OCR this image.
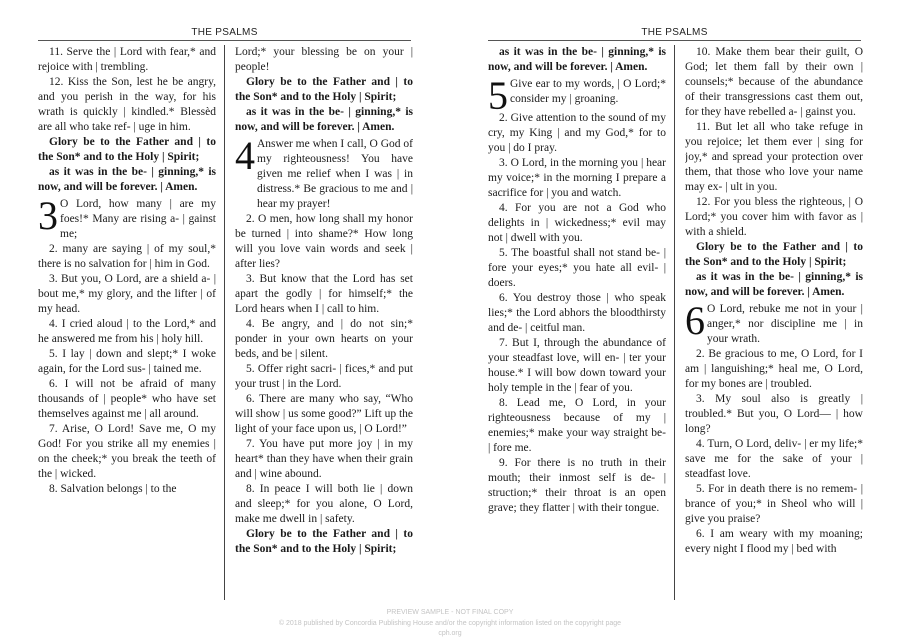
THE PSALMS

11. Serve the | Lord with fear,* and rejoice with | trembling.

12. Kiss the Son, lest he be angry, and you perish in the way, for his wrath is quickly | kindled.* Blessèd are all who take ref- | uge in him.

Glory be to the Father and | to the Son* and to the Holy | Spirit;

as it was in the be- | ginning,* is now, and will be forever. | Amen.

3 O Lord, how many | are my foes!* Many are rising a- | gainst me;

2. many are saying | of my soul,* there is no salvation for | him in God.

3. But you, O Lord, are a shield a- | bout me,* my glory, and the lifter | of my head.

4. I cried aloud | to the Lord,* and he answered me from his | holy hill.

5. I lay | down and slept;* I woke again, for the Lord sus- | tained me.

6. I will not be afraid of many thousands of | people* who have set themselves against me | all around.

7. Arise, O Lord! Save me, O my God! For you strike all my enemies | on the cheek;* you break the teeth of the | wicked.

8. Salvation belongs | to the

Lord;* your blessing be on your | people!

Glory be to the Father and | to the Son* and to the Holy | Spirit;

as it was in the be- | ginning,* is now, and will be forever. | Amen.

4 Answer me when I call, O God of my righteousness! You have given me relief when I was | in distress.* Be gracious to me and | hear my prayer!

2. O men, how long shall my honor be turned | into shame?* How long will you love vain words and seek | after lies?

3. But know that the Lord has set apart the godly | for himself;* the Lord hears when I | call to him.

4. Be angry, and | do not sin;* ponder in your own hearts on your beds, and be | silent.

5. Offer right sacri- | fices,* and put your trust | in the Lord.

6. There are many who say, “Who will show | us some good?” Lift up the light of your face upon us, | O Lord!”

7. You have put more joy | in my heart* than they have when their grain and | wine abound.

8. In peace I will both lie | down and sleep;* for you alone, O Lord, make me dwell in | safety.

Glory be to the Father and | to the Son* and to the Holy | Spirit;

THE PSALMS

as it was in the be- | ginning,* is now, and will be forever. | Amen.

5 Give ear to my words, | O Lord;* consider my | groaning.

2. Give attention to the sound of my cry, my King | and my God,* for to you | do I pray.

3. O Lord, in the morning you | hear my voice;* in the morning I prepare a sacrifice for | you and watch.

4. For you are not a God who delights in | wickedness;* evil may not | dwell with you.

5. The boastful shall not stand be- | fore your eyes;* you hate all evil- | doers.

6. You destroy those | who speak lies;* the Lord abhors the bloodthirsty and de- | ceitful man.

7. But I, through the abundance of your steadfast love, will en- | ter your house.* I will bow down toward your holy temple in the | fear of you.

8. Lead me, O Lord, in your righteousness because of my | enemies;* make your way straight be- | fore me.

9. For there is no truth in their mouth; their inmost self is de- | struction;* their throat is an open grave; they flatter | with their tongue.

10. Make them bear their guilt, O God; let them fall by their own | counsels;* because of the abundance of their transgressions cast them out, for they have rebelled a- | gainst you.

11. But let all who take refuge in you rejoice; let them ever | sing for joy,* and spread your protection over them, that those who love your name may ex- | ult in you.

12. For you bless the righteous, | O Lord;* you cover him with favor as | with a shield.

Glory be to the Father and | to the Son* and to the Holy | Spirit;

as it was in the be- | ginning,* is now, and will be forever. | Amen.

6 O Lord, rebuke me not in your | anger,* nor discipline me | in your wrath.

2. Be gracious to me, O Lord, for I am | languishing;* heal me, O Lord, for my bones are | troubled.

3. My soul also is greatly | troubled.* But you, O Lord— | how long?

4. Turn, O Lord, deliv- | er my life;* save me for the sake of your | steadfast love.

5. For in death there is no remem- | brance of you;* in Sheol who will | give you praise?

6. I am weary with my moaning; every night I flood my | bed with

PREVIEW SAMPLE - NOT FINAL COPY
© 2018 published by Concordia Publishing House and/or the copyright information listed on the copyright page
cph.org
